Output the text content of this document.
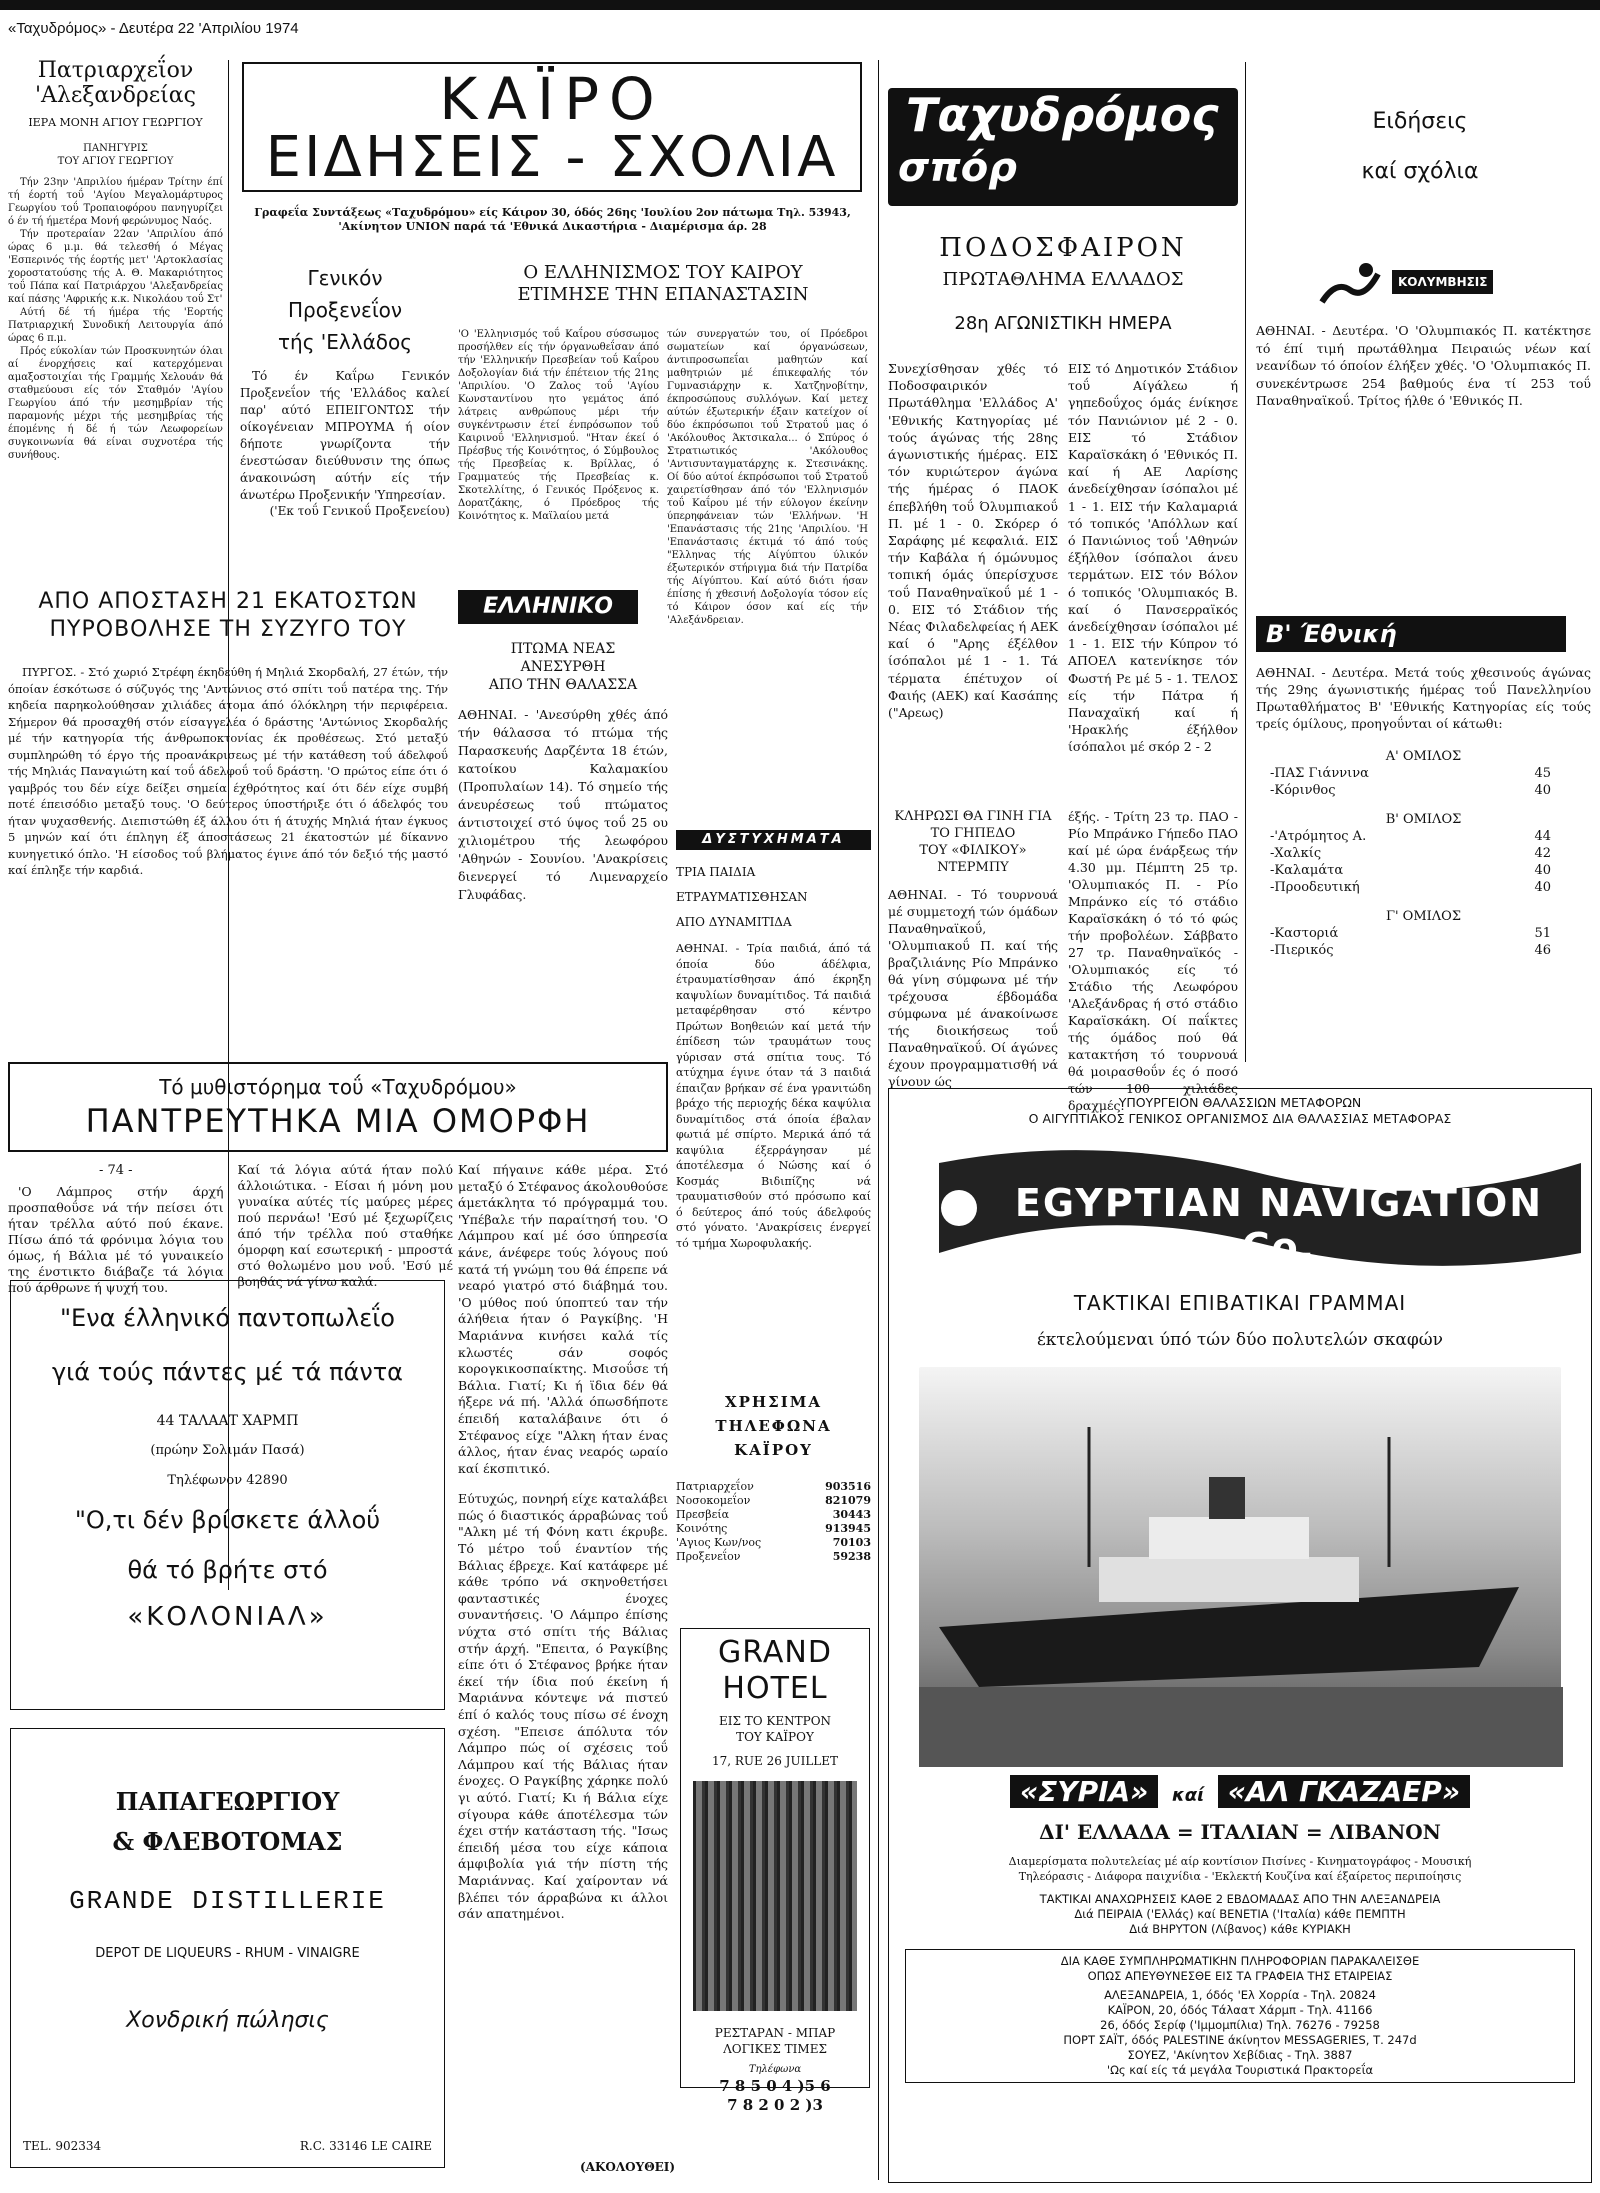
«Ταχυδρόμος» - Δευτέρα 22 'Απριλίου 1974
Πατριαρχεΐον
'Αλεξανδρείας
ΙΕΡΑ ΜΟΝΗ ΑΓΙΟΥ ΓΕΩΡΓΙΟΥ
ΠΑΝΗΓΥΡΙΣ
ΤΟΥ ΑΓΙΟΥ ΓΕΩΡΓΙΟΥ

Τήν 23ην 'Απριλίου ήμέραν Τρίτην έπί τή έορτή τοΰ 'Αγίου Μεγαλομάρτυρος Γεωργίου τοΰ Τροπαιοφόρου πανηγυρίζει ό έν τή ήμετέρα Μονή φερώνυμος Ναός.

Τήν προτεραίαν 22αν 'Απριλίου άπό ώρας 6 μ.μ. θά τελεσθή ό Μέγας 'Εσπερινός τής έορτής μετ' 'Αρτοκλασίας χοροστατούσης τής Α. Θ. Μακαριότητος τοΰ Πάπα καί Πατριάρχου 'Αλεξανδρείας καί πάσης 'Αφρικής κ.κ. Νικολάου τοΰ Στ'

Αύτή δέ τή ήμέρα τής 'Εορτής Πατριαρχική Συνοδική Λειτουργία άπό ώρας 6 π.μ.

Πρός εύκολίαν τών Προσκυνητών όλαι αί ένορχήσεις καί κατερχόμεναι αμαξοστοιχίαι τής Γραμμής Χελουάν θά σταθμεύουσι είς τόν Σταθμόν 'Αγίου Γεωργίου άπό τήν μεσημβρίαν τής παραμονής μέχρι τής μεσημβρίας τής έπομένης ή δέ ή τών Λεωφορείων συγκοινωνία θά είναι συχνοτέρα τής συνήθους.

ΚΑΪΡΟ
ΕΙΔΗΣΕΙΣ - ΣΧΟΛΙΑ
Γραφεΐα Συντάξεως «Ταχυδρόμου» είς Κάιρον 30, όδός 26ης 'Ιουλίου 2ον πάτωμα Τηλ. 53943, 'Ακίνητον UNION παρά τά 'Εθνικά Δικαστήρια - Διαμέρισμα άρ. 28
Γενικόν
Προξενεΐον
τής 'Ελλάδος

Τό έν Καΐρω Γενικόν Προξενεΐον τής 'Ελλάδος καλεί παρ' αύτό ΕΠΕΙΓΟΝΤΩΣ τήν οίκογένειαν ΜΠΡΟΥΜΑ ή οίον δήποτε γνωρίζοντα τήν ένεστώσαν διεύθυνσιν της όπως άνακοινώση αύτήν είς τήν άνωτέρω Προξενικήν 'Υπηρεσίαν.

('Εκ τοΰ Γενικοΰ Προξενείου)
Ο ΕΛΛΗΝΙΣΜΟΣ ΤΟΥ ΚΑΙΡΟΥ
ΕΤΙΜΗΣΕ ΤΗΝ ΕΠΑΝΑΣΤΑΣΙΝ

'Ο 'Ελληνισμός τοΰ Καΐρου σύσσωμος προσήλθεν είς τήν όργανωθεΐσαν άπό τήν 'Ελληνικήν Πρεσβείαν τοΰ Καΐρου Δοξολογίαν διά τήν έπέτειον τής 21ης 'Απριλίου. 'Ο Ζαλος τοΰ 'Αγίου Κωνσταντίνου ητο γεμάτος άπό λάτρεις ανθρώπους μέρι τήν συγκέντρωσιν έτεί ένπρόσωπον τοΰ Καιρινοΰ 'Ελληνισμοΰ. "Ηταν έκεί ό Πρέσβυς τής Κοινότητος, ό Σύμβουλος τής Πρεσβείας κ. Βρίλλας, ό Γραμματεύς τής Πρεσβείας κ. Σκοτελλίτης, ό Γενικός Πρόξενος κ. Δορατζάκης, ό Πρόεδρος τής Κοινότητος κ. Μαϊλαίου μετά

τών συνεργατών του, οί Πρόεδροι σωματείων καί όργανώσεων, άντιπροσωπεΐαι μαθητών καί μαθητριών μέ έπικεφαλής τόν Γυμνασιάρχην κ. Χατζηνοβίτην, έκπροσώπους συλλόγων. Καί μετεχ αύτών έξωτερικήν έξαιν κατείχον οί δύο έκπρόσωποι τοΰ Στρατοΰ μας ό 'Ακόλουθος Άκτσικαλα... ό Σπύρος ό Στρατιωτικός 'Ακόλουθος 'Αντισυνταγματάρχης κ. Στεσινάκης. Οί δύο αύτοί έκπρόσωποι τοΰ Στρατοΰ χαιρετίσθησαν άπό τόν 'Ελληνισμόν τοΰ Καΐρου μέ τήν εύλογον έκείνην ύπερηφάνειαν τών 'Ελλήνων. 'Η 'Επανάστασις τής 21ης 'Απριλίου. 'Η 'Επανάστασις έκτιμά τό άπό τούς "Ελληνας τής Αίγύπτου ύλικόν έξωτερικόν στήριγμα διά τήν Πατρίδα τής Αίγύπτου. Καί αύτό διότι ήσαν έπίσης ή χθεσινή Δοξολογία τόσον είς τό Κάιρον όσον καί είς τήν 'Αλεξάνδρειαν.

ΑΠΟ ΑΠΟΣΤΑΣΗ 21 ΕΚΑΤΟΣΤΩΝ
ΠΥΡΟΒΟΛΗΣΕ ΤΗ ΣΥΖΥΓΟ ΤΟΥ

ΠΥΡΓΟΣ. - Στό χωριό Στρέφη έκηδεύθη ή Μηλιά Σκορδαλή, 27 έτών, τήν όποίαν έσκότωσε ό σύζυγός της 'Αντώνιος στό σπίτι τοΰ πατέρα της. Τήν κηδεία παρηκολούθησαν χιλιάδες άτομα άπό όλόκληρη τήν περιφέρεια. Σήμερον θά προσαχθή στόν είσαγγελέα ό δράστης 'Αντώνιος Σκορδαλής μέ τήν κατηγορία τής άνθρωποκτονίας έκ προθέσεως. Στό μεταξύ συμπληρώθη τό έργο τής προανάκρισεως μέ τήν κατάθεση τοΰ άδελφοΰ τής Μηλιάς Παναγιώτη καί τοΰ άδελφοΰ τοΰ δράστη. 'Ο πρώτος είπε ότι ό γαμβρός του δέν είχε δείξει σημεία έχθρότητος καί ότι δέν είχε συμβή ποτέ έπεισόδιο μεταξύ τους. 'Ο δεύτερος ύποστήριξε ότι ό άδελφός του ήταν ψυχασθενής. Διεπιστώθη έξ άλλου ότι ή άτυχής Μηλιά ήταν έγκυος 5 μηνών καί ότι έπληγη έξ άποστάσεως 21 έκατοστών μέ δίκαννο κυνηγετικό όπλο. 'Η είσοδος τοΰ βλήματος έγινε άπό τόν δεξιό τής μαστό καί έπληξε τήν καρδιά.

ΕΛΛΗΝΙΚΟ
ΠΤΩΜΑ ΝΕΑΣ
ΑΝΕΣΥΡΘΗ
ΑΠΟ ΤΗΝ ΘΑΛΑΣΣΑ

ΑΘΗΝΑΙ. - 'Ανεσύρθη χθές άπό τήν θάλασσα τό πτώμα τής Παρασκευής Δαρζέντα 18 έτών, κατοίκου Καλαμακίου (Προπυλαίων 14). Τό σημείο τής άνευρέσεως τοΰ πτώματος άντιστοιχεί στό ύψος τοΰ 25 ου χιλιομέτρου τής λεωφόρου 'Αθηνών - Σουνίου. 'Ανακρίσεις διενεργεί τό Λιμεναρχείο Γλυφάδας.

ΔΥΣΤΥΧΗΜΑΤΑ
ΤΡΙΑ ΠΑΙΔΙΑ
ΕΤΡΑΥΜΑΤΙΣΘΗΣΑΝ
ΑΠΟ ΔΥΝΑΜΙΤΙΔΑ

ΑΘΗΝΑΙ. - Τρία παιδιά, άπό τά όποία δύο άδέλφια, έτραυματίσθησαν άπό έκρηξη καψυλίων δυναμίτιδος. Τά παιδιά μεταφέρθησαν στό κέντρο Πρώτων Βοηθειών καί μετά τήν έπίδεση τών τραυμάτων τους γύρισαν στά σπίτια τους. Τό ατύχημα έγινε όταν τά 3 παιδιά έπαιζαν βρήκαν σέ ένα γρανιτώδη βράχο τής περιοχής δέκα καψύλια δυναμίτιδος στά όποία έβαλαν φωτιά μέ σπίρτο. Μερικά άπό τά καψύλια έξερράγησαν μέ άποτέλεσμα ό Νώσης καί ό Κοσμάς Βιδιπίζης νά τραυματισθούν στό πρόσωπο καί ό δεύτερος άπό τούς άδελφούς στό γόνατο. 'Ανακρίσεις ένεργεί τό τμήμα Χωροφυλακής.

ΧΡΗΣΙΜΑ
ΤΗΛΕΦΩΝΑ
ΚΑΪΡΟΥ
Πατριαρχεΐον	903516
Νοσοκομεΐον	821079
Πρεσβεία	30443
Κοινότης	913945
'Αγιος Κων/νος	70103
Προξενεΐον	59238
GRAND HOTEL
ΕΙΣ ΤΟ ΚΕΝΤΡΟΝ
ΤΟΥ ΚΑΪΡΟΥ
17, RUE 26 JUILLET
ΡΕΣΤΑΡΑΝ - ΜΠΑΡ
ΛΟΓΙΚΕΣ ΤΙΜΕΣ
Τηλέφωνα
7 8 5 0 4 )5 6
7 8 2 0 2 )3
Τό μυθιστόρημα τοΰ «Ταχυδρόμου»
ΠΑΝΤΡΕΥΤΗΚΑ ΜΙΑ ΟΜΟΡΦΗ
- 74 -

'Ο Λάμπρος στήν άρχή προσπαθοΰσε νά τήν πείσει ότι ήταν τρέλλα αύτό πού έκανε. Πίσω άπό τά φρόνιμα λόγια του όμως, ή Βάλια μέ τό γυναικείο της ένστικτο διάβαζε τά λόγια πού άρθρωνε ή ψυχή του.

Καί τά λόγια αύτά ήταν πολύ άλλοιώτικα. - Είσαι ή μόνη μου γυναίκα αύτές τίς μαύρες μέρες πού περνάω! 'Εσύ μέ ξεχωρίζεις άπό τήν τρέλλα πού σταθήκε όμορφη καί εσωτερική - μπροστά στό θολωμένο μου νοΰ. 'Εσύ μέ βοηθάς νά γίνω καλά.

Καί πήγαινε κάθε μέρα. Στό μεταξύ ό Στέφανος άκολουθούσε άμετάκλητα τό πρόγραμμά του. 'Υπέβαλε τήν παραίτησή του. 'Ο Λάμπρου καί μέ όσο ύπηρεσία κάνε, άνέφερε τούς λόγους πού κατά τή γνώμη του θά έπρεπε νά νεαρό γιατρό στό διάβημά του. 'Ο μύθος πού ύποπτεύ ταν τήν άλήθεια ήταν ό Ραγκίβης. 'Η Μαριάννα κινήσει καλά τίς κλωστές σάν σοφός κορογκικοσπαίκτης. Μισοΰσε τή Βάλια. Γιατί; Κι ή ϊδια δέν θά ήξερε νά πή. 'Αλλά όπωσδήποτε έπειδή καταλάβαινε ότι ό Στέφανος είχε "Αλκη ήταν ένας άλλος, ήταν ένας νεαρός ωραίο καί έκσπιτικό.

Εύτυχώς, πονηρή είχε καταλάβει πώς ό διαστικός άρραβώνας τοΰ "Αλκη μέ τή Φόνη κατι έκρυβε. Τό μέτρο τοΰ έναντίον τής Βάλιας έβρεχε. Καί κατάφερε μέ κάθε τρόπο νά σκηνοθετήσει φανταστικές ένοχες συναντήσεις. 'Ο Λάμπρο έπίσης νύχτα στό σπίτι τής Βάλιας στήν άρχή. "Επειτα, ό Ραγκίβης είπε ότι ό Στέφανος βρήκε ήταν έκεί τήν ίδια πού έκείνη ή Μαριάννα κόντεψε νά πιστεύ έπί ό καλός τους πίσω σέ ένοχη σχέση. "Επεισε άπόλυτα τόν Λάμπρο πώς οί σχέσεις τοΰ Λάμπρου καί τής Βάλιας ήταν ένοχες. Ο Ραγκίβης χάρηκε πολύ γι αύτό. Γιατί; Κι ή Βάλια είχε σίγουρα κάθε άποτέλεσμα τών έχει στήν κατάσταση τής. "Ισως έπειδή μέσα του είχε κάποια άμφιβολία γιά τήν πίστη τής Μαριάννας. Καί χαίρονταν νά βλέπει τόν άρραβώνα κι άλλοι σάν απατημένοι.

(ΑΚΟΛΟΥΘΕΙ)
"Ενα έλληνικό παντοπωλεΐο
γιά τούς πάντες μέ τά πάντα
44 ΤΑΛΑΑΤ ΧΑΡΜΠ
(πρώην Σολιμάν Πασά)
Τηλέφωνον 42890
"Ο,τι δέν βρίσκετε άλλοΰ
θά τό βρήτε στό
«ΚΟΛΟΝΙΑΛ»
ΠΑΠΑΓΕΩΡΓΙΟΥ
& ΦΛΕΒΟΤΟΜΑΣ
GRANDE DISTILLERIE
DEPOT DE LIQUEURS - RHUM - VINAIGRE
Χονδρική πώλησις
TEL. 902334	R.C. 33146 LE CAIRE
Ταχυδρόμος
σπόρ
Ειδήσεις
καί σχόλια
ΠΟΔΟΣΦΑΙΡΟΝ
ΠΡΩΤΑΘΛΗΜΑ ΕΛΛΑΔΟΣ
28η ΑΓΩΝΙΣΤΙΚΗ ΗΜΕΡΑ

Συνεχίσθησαν χθές τό Ποδοσφαιρικόν Πρωτάθλημα 'Ελλάδος Α' 'Εθνικής Κατηγορίας μέ τούς άγώνας τής 28ης άγωνιστικής ήμέρας. ΕΙΣ τόν κυριώτερον άγώνα τής ήμέρας ό ΠΑΟΚ έπεβλήθη τοΰ Όλυμπιακοΰ Π. μέ 1 - 0. Σκόρερ ό Σαράφης μέ κεφαλιά. ΕΙΣ τήν Καβάλα ή όμώνυμος τοπική όμάς ύπερίσχυσε τοΰ Παναθηναϊκοΰ μέ 1 - 0. ΕΙΣ τό Στάδιον τής Νέας Φιλαδελφείας ή ΑΕΚ καί ό "Αρης έξέλθον ίσόπαλοι μέ 1 - 1. Τά τέρματα έπέτυχον οί Φαιής (ΑΕΚ) καί Κασάπης ("Αρεως)

ΕΙΣ τό Δημοτικόν Στάδιον τοΰ Αίγάλεω ή γηπεδοΰχος όμάς ένίκησε τόν Πανιώνιον μέ 2 - 0. ΕΙΣ τό Στάδιον Καραϊσκάκη ό 'Εθνικός Π. καί ή ΑΕ Λαρίσης άνεδείχθησαν ίσόπαλοι μέ 1 - 1. ΕΙΣ τήν Καλαμαριά τό τοπικός 'Απόλλων καί ό Πανιώνιος τοΰ 'Αθηνών έξήλθον ίσόπαλοι άνευ τερμάτων. ΕΙΣ τόν Βόλον ό τοπικός 'Ολυμπιακός Β. καί ό Πανσερραϊκός άνεδείχθησαν ίσόπαλοι μέ 1 - 1. ΕΙΣ τήν Κύπρον τό ΑΠΟΕΛ κατενίκησε τόν Φωστή Ρε μέ 5 - 1. ΤΕΛΟΣ είς τήν Πάτρα ή Παναχαϊκή καί ή 'Ηρακλής έξήλθον ίσόπαλοι μέ σκόρ 2 - 2

ΚΟΛΥΜΒΗΣΙΣ

ΑΘΗΝΑΙ. - Δευτέρα. 'Ο 'Ολυμπιακός Π. κατέκτησε τό έπί τιμή πρωτάθλημα Πειραιώς νέων καί νεανίδων τό όποίον έλήξεν χθές. 'Ο 'Ολυμπιακός Π. συνεκέντρωσε 254 βαθμούς ένα τί 253 τοΰ Παναθηναϊκοΰ. Τρίτος ήλθε ό 'Εθνικός Π.

Β' Έθνική

ΑΘΗΝΑΙ. - Δευτέρα. Μετά τούς χθεσινούς άγώνας τής 29ης άγωνιστικής ήμέρας τοΰ Πανελληνίου Πρωταθλήματος Β' 'Εθνικής Κατηγορίας είς τούς τρείς όμίλους, προηγοΰνται οί κάτωθι:

Α' ΟΜΙΛΟΣ
-ΠΑΣ Γιάννινα	45
-Κόρινθος	40
Β' ΟΜΙΛΟΣ
-'Ατρόμητος Α.	44
-Χαλκίς	42
-Καλαμάτα	40
-Προοδευτική	40
Γ' ΟΜΙΛΟΣ
-Καστοριά	51
-Πιερικός	46
ΚΛΗΡΩΣΙ ΘΑ ΓΙΝΗ ΓΙΑ
ΤΟ ΓΗΠΕΔΟ
ΤΟΥ «ΦΙΛΙΚΟΥ»
ΝΤΕΡΜΠΥ

ΑΘΗΝΑΙ. - Τό τουρνουά μέ συμμετοχή τών όμάδων Παναθηναϊκοΰ, 'Ολυμπιακοΰ Π. καί τής βραζιλιάνης Ρίο Μπράνκο θά γίνη σύμφωνα μέ τήν τρέχουσα έβδομάδα σύμφωνα μέ άνακοίνωσε τής διοικήσεως τοΰ Παναθηναϊκοΰ. Οί άγώνες έχουν προγραμματισθή νά γίνουν ώς

έξής. - Τρίτη 23 τρ. ΠΑΟ - Ρίο Μπράνκο Γήπεδο ΠΑΟ καί μέ ώρα ένάρξεως τήν 4.30 μμ. Πέμπτη 25 τρ. 'Ολυμπιακός Π. - Ρίο Μπράνκο είς τό στάδιο Καραϊσκάκη ό τό τό φώς τήν προβολέων. Σάββατο 27 τρ. Παναθηναϊκός - 'Ολυμπιακός είς τό Στάδιο τής Λεωφόρου 'Αλεξάνδρας ή στό στάδιο Καραϊσκάκη. Οί παΐκτες τής όμάδος πού θά κατακτήση τό τουρνουά θά μοιρασθοΰν ές ό ποσό τών 100 χιλιάδες δραχμές.

ΥΠΟΥΡΓΕΙΟΝ ΘΑΛΑΣΣΙΩΝ ΜΕΤΑΦΟΡΩΝ
Ο ΑΙΓΥΠΤΙΑΚΟΣ ΓΕΝΙΚΟΣ ΟΡΓΑΝΙΣΜΟΣ ΔΙΑ ΘΑΛΑΣΣΙΑΣ ΜΕΤΑΦΟΡΑΣ
EGYPTIAN NAVIGATION Co.
ΤΑΚΤΙΚΑΙ ΕΠΙΒΑΤΙΚΑΙ ΓΡΑΜΜΑΙ
έκτελούμεναι ύπό τών δύο πολυτελών σκαφών
«ΣΥΡΙΑ» καί «ΑΛ ΓΚΑΖΑΕΡ»
ΔΙ' ΕΛΛΑΔΑ = ΙΤΑΛΙΑΝ = ΛΙΒΑΝΟΝ
Διαμερίσματα πολυτελείας μέ αίρ κοντίσιον Πισίνες - Κινηματογράφος - Μουσική
Τηλεόρασις - Διάφορα παιχνίδια - 'Εκλεκτή Κουζίνα καί έξαίρετος περιποίησις
ΤΑΚΤΙΚΑΙ ΑΝΑΧΩΡΗΣΕΙΣ ΚΑΘΕ 2 ΕΒΔΟΜΑΔΑΣ ΑΠΟ ΤΗΝ ΑΛΕΞΑΝΔΡΕΙΑ
Διά ΠΕΙΡΑΙΑ ('Ελλάς) καί ΒΕΝΕΤΙΑ ('Ιταλία) κάθε ΠΕΜΠΤΗ
Διά ΒΗΡΥΤΟΝ (Λίβανος) κάθε ΚΥΡΙΑΚΗ
ΔΙΑ ΚΑΘΕ ΣΥΜΠΛΗΡΩΜΑΤΙΚΗΝ ΠΛΗΡΟΦΟΡΙΑΝ ΠΑΡΑΚΑΛΕΙΣΘΕ
ΟΠΩΣ ΑΠΕΥΘΥΝΕΣΘΕ ΕΙΣ ΤΑ ΓΡΑΦΕΙΑ ΤΗΣ ΕΤΑΙΡΕΙΑΣ
ΑΛΕΞΑΝΔΡΕΙΑ, 1, όδός 'Ελ Χορρία - Τηλ. 20824
ΚΑΪΡΟΝ, 20, όδός Τάλαατ Χάρμπ - Τηλ. 41166
26, όδός Σερίφ ('Ιμμομπίλια) Τηλ. 76276 - 79258
ΠΟΡΤ ΣΑΪΤ, όδός PALESTINE άκίνητον MESSAGERIES, Τ. 247d
ΣΟΥΕΖ, 'Ακίνητον Χεβίδιας - Τηλ. 3887
'Ως καί είς τά μεγάλα Τουριστικά Πρακτορεΐα
